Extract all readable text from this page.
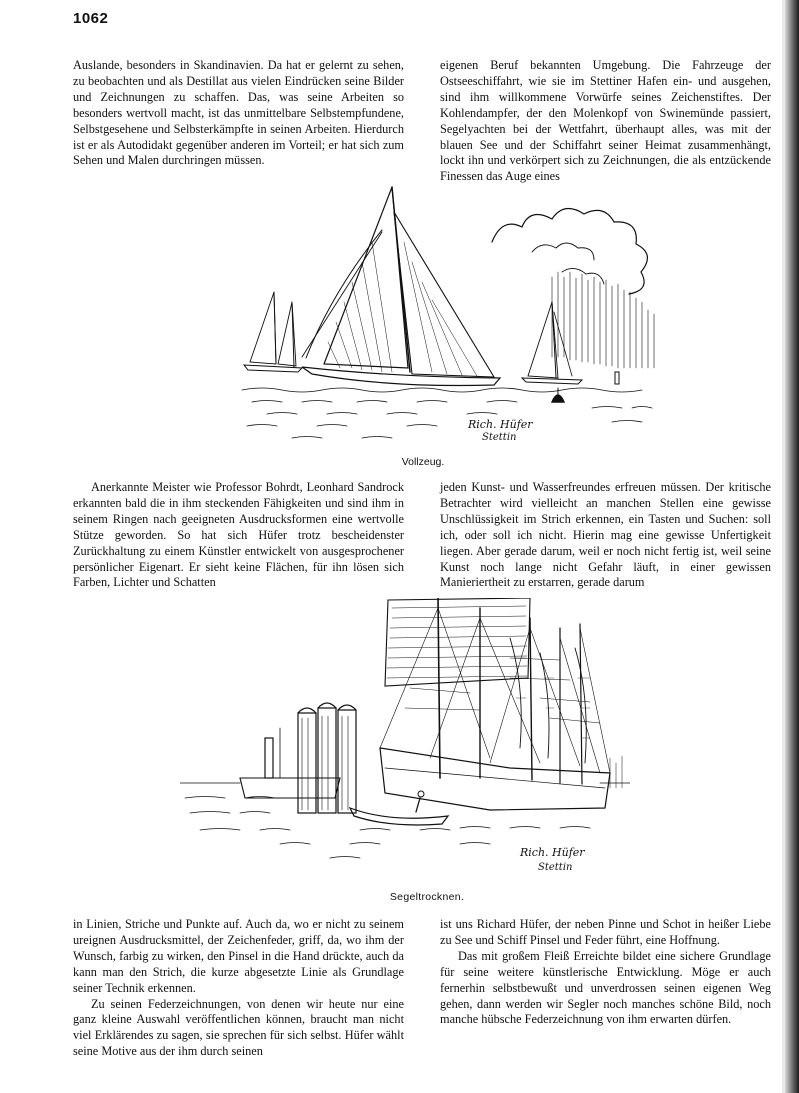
1062

Auslande, besonders in Skandinavien. Da hat er gelernt zu sehen, zu beobachten und als Destillat aus vielen Eindrücken seine Bilder und Zeichnungen zu schaffen. Das, was seine Arbeiten so besonders wertvoll macht, ist das unmittelbare Selbstempfundene, Selbstgesehene und Selbsterkämpfte in seinen Arbeiten. Hierdurch ist er als Autodidakt gegenüber anderen im Vorteil; er hat sich zum Sehen und Malen durchringen müssen.

eigenen Beruf bekannten Umgebung. Die Fahrzeuge der Ostseeschiffahrt, wie sie im Stettiner Hafen ein- und ausgehen, sind ihm willkommene Vorwürfe seines Zeichenstiftes. Der Kohlendampfer, der den Molenkopf von Swinemünde passiert, Segelyachten bei der Wettfahrt, überhaupt alles, was mit der blauen See und der Schiffahrt seiner Heimat zusammenhängt, lockt ihn und verkörpert sich zu Zeichnungen, die als entzückende Finessen das Auge eines

Rich. Hüfer
Stettin
Vollzeug.

Anerkannte Meister wie Professor Bohrdt, Leonhard Sandrock erkannten bald die in ihm steckenden Fähigkeiten und sind ihm in seinem Ringen nach geeigneten Ausdrucksformen eine wertvolle Stütze geworden. So hat sich Hüfer trotz bescheidenster Zurückhaltung zu einem Künstler entwickelt von ausgesprochener persönlicher Eigenart. Er sieht keine Flächen, für ihn lösen sich Farben, Lichter und Schatten

jeden Kunst- und Wasserfreundes erfreuen müssen. Der kritische Betrachter wird vielleicht an manchen Stellen eine gewisse Unschlüssigkeit im Strich erkennen, ein Tasten und Suchen: soll ich, oder soll ich nicht. Hierin mag eine gewisse Unfertigkeit liegen. Aber gerade darum, weil er noch nicht fertig ist, weil seine Kunst noch lange nicht Gefahr läuft, in einer gewissen Manieriertheit zu erstarren, gerade darum

Rich. Hüfer
Stettin
Segeltrocknen.

in Linien, Striche und Punkte auf. Auch da, wo er nicht zu seinem ureignen Ausdrucksmittel, der Zeichenfeder, griff, da, wo ihm der Wunsch, farbig zu wirken, den Pinsel in die Hand drückte, auch da kann man den Strich, die kurze abgesetzte Linie als Grundlage seiner Technik erkennen.

Zu seinen Federzeichnungen, von denen wir heute nur eine ganz kleine Auswahl veröffentlichen können, braucht man nicht viel Erklärendes zu sagen, sie sprechen für sich selbst. Hüfer wählt seine Motive aus der ihm durch seinen

ist uns Richard Hüfer, der neben Pinne und Schot in heißer Liebe zu See und Schiff Pinsel und Feder führt, eine Hoffnung.

Das mit großem Fleiß Erreichte bildet eine sichere Grundlage für seine weitere künstlerische Entwicklung. Möge er auch fernerhin selbstbewußt und unverdrossen seinen eigenen Weg gehen, dann werden wir Segler noch manches schöne Bild, noch manche hübsche Federzeichnung von ihm erwarten dürfen.
